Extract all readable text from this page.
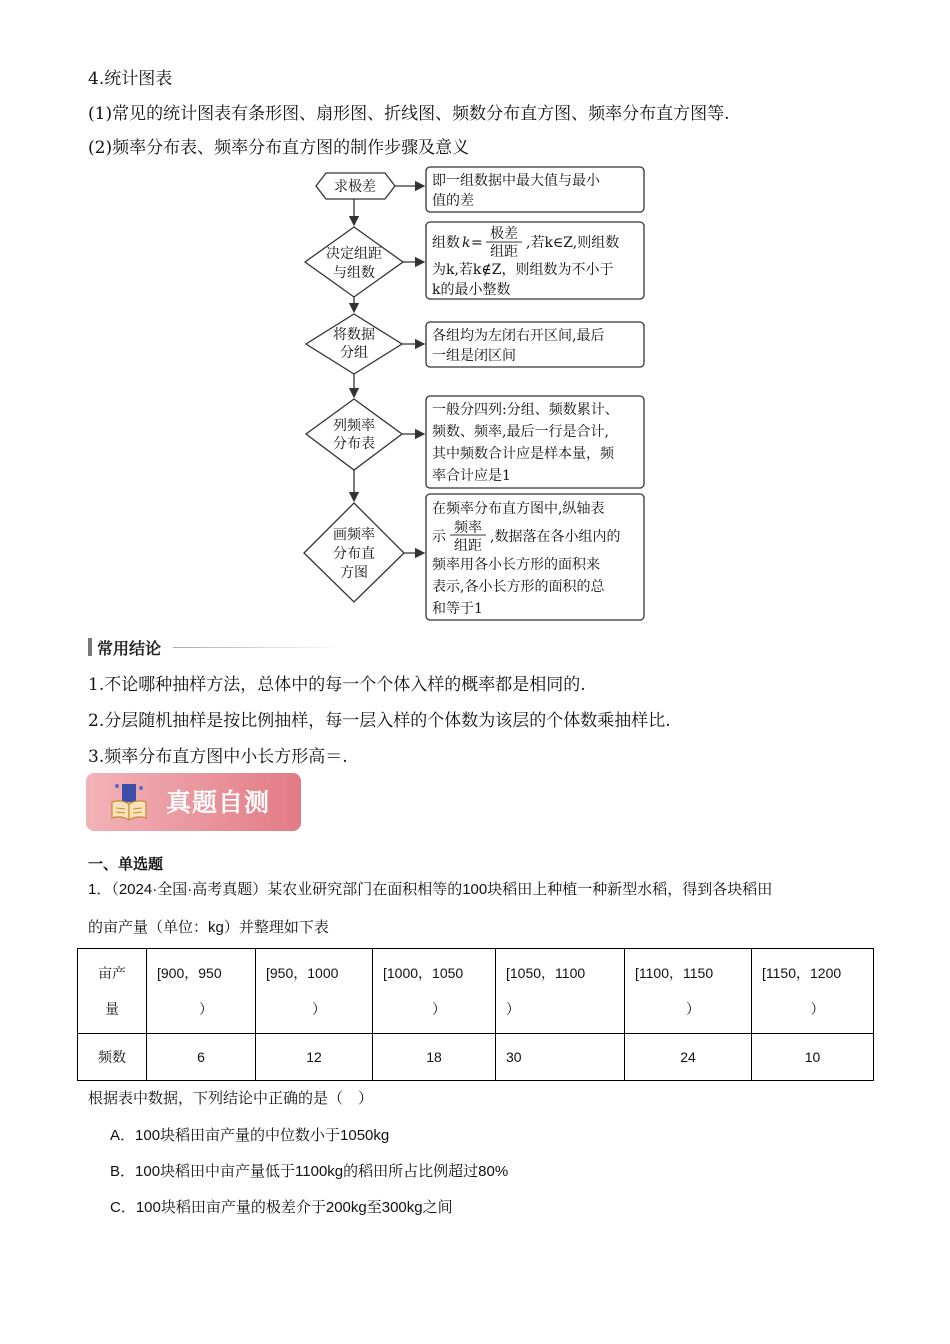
4.统计图表
(1)常见的统计图表有条形图、扇形图、折线图、频数分布直方图、频率分布直方图等.
(2)频率分布表、频率分布直方图的制作步骤及意义
求极差
决定组距
与组数
将数据
分组
列频率
分布表
画频率
分布直
方图
即一组数据中最大值与最小
值的差
组数 k =
极差
组距
,若k∈Z,则组数
为k,若k∉Z，则组数为不小于
k的最小整数
各组均为左闭右开区间,最后
一组是闭区间
一般分四列:分组、频数累计、
频数、频率,最后一行是合计,
其中频数合计应是样本量，频
率合计应是1
在频率分布直方图中,纵轴表
示
频率
组距
,数据落在各小组内的
频率用各小长方形的面积来
表示,各小长方形的面积的总
和等于1
常用结论
1.不论哪种抽样方法，总体中的每一个个体入样的概率都是相同的.
2.分层随机抽样是按比例抽样，每一层入样的个体数为该层的个体数乘抽样比.
3.频率分布直方图中小长方形高＝.
真题自测
一、单选题
1．（2024·全国·高考真题）某农业研究部门在面积相等的100块稻田上种植一种新型水稻，得到各块稻田
的亩产量（单位：kg）并整理如下表
亩产
量	[900，950
）	[950，1000
）	[1000，1050
）	[1050，1100
）	[1100，1150
）	[1150，1200
）

频数	6	12	18	30	24	10
根据表中数据，下列结论中正确的是（　）
A．100块稻田亩产量的中位数小于1050kg
B．100块稻田中亩产量低于1100kg的稻田所占比例超过80%
C．100块稻田亩产量的极差介于200kg至300kg之间
